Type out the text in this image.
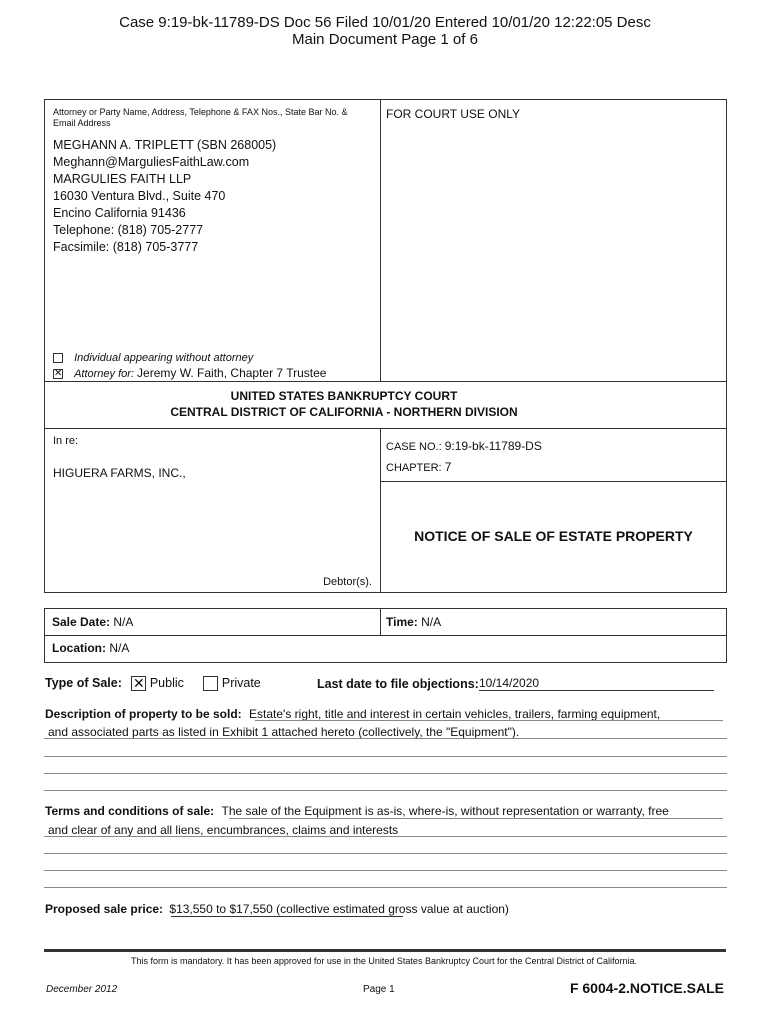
Case 9:19-bk-11789-DS Doc 56 Filed 10/01/20 Entered 10/01/20 12:22:05 Desc
Main Document Page 1 of 6
Attorney or Party Name, Address, Telephone & FAX Nos., State Bar No. & Email Address
MEGHANN A. TRIPLETT (SBN 268005)
Meghann@MarguliesFaithLaw.com
MARGULIES FAITH LLP
16030 Ventura Blvd., Suite 470
Encino California 91436
Telephone: (818) 705-2777
Facsimile: (818) 705-3777
Individual appearing without attorney
✕ Attorney for: Jeremy W. Faith, Chapter 7 Trustee
FOR COURT USE ONLY
UNITED STATES BANKRUPTCY COURT
CENTRAL DISTRICT OF CALIFORNIA - NORTHERN DIVISION
In re:
HIGUERA FARMS, INC.,
Debtor(s).
CASE NO.: 9:19-bk-11789-DS
CHAPTER: 7
NOTICE OF SALE OF ESTATE PROPERTY
Sale Date: N/A	Time: N/A
Location: N/A
Type of Sale: ✕ Public	Private	Last date to file objections: 10/14/2020
Description of property to be sold: Estate's right, title and interest in certain vehicles, trailers, farming equipment,
and associated parts as listed in Exhibit 1 attached hereto (collectively, the "Equipment").
Terms and conditions of sale: The sale of the Equipment is as-is, where-is, without representation or warranty, free
and clear of any and all liens, encumbrances, claims and interests
Proposed sale price: $13,550 to $17,550 (collective estimated gross value at auction)
This form is mandatory. It has been approved for use in the United States Bankruptcy Court for the Central District of California.
December 2012	Page 1	F 6004-2.NOTICE.SALE
